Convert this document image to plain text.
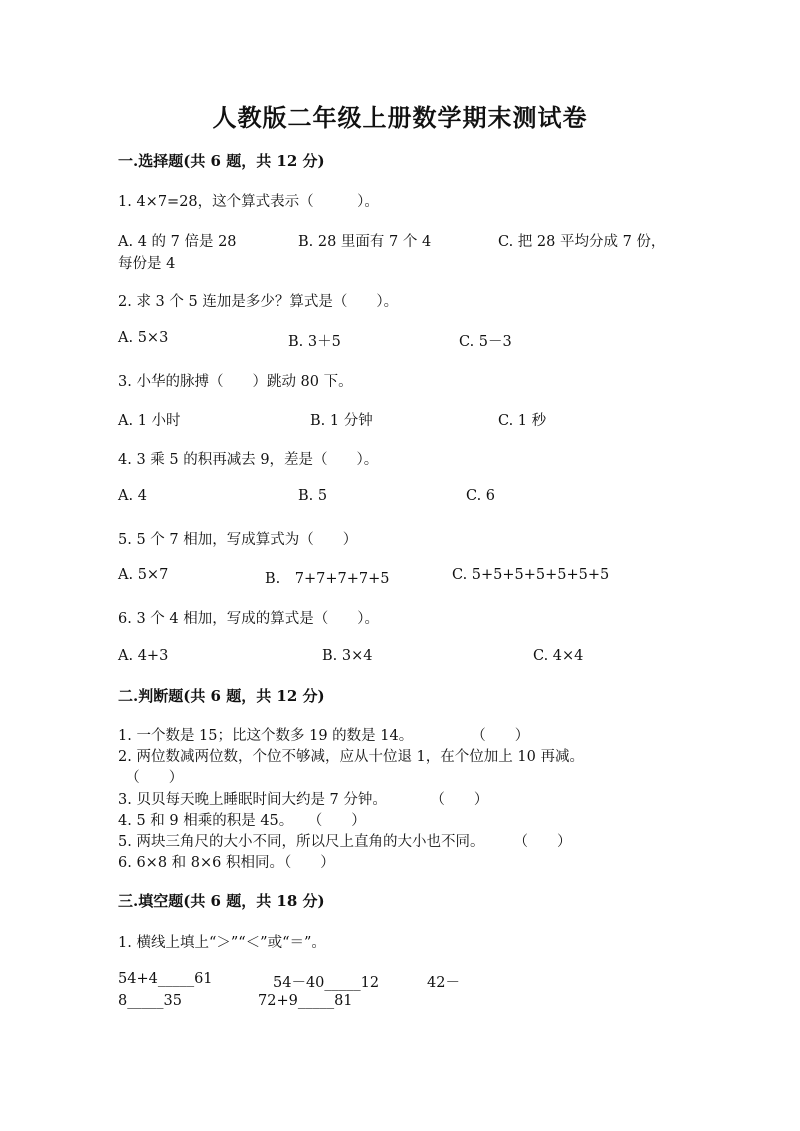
人教版二年级上册数学期末测试卷
一.选择题(共 6 题，共 12 分)
1. 4×7=28，这个算式表示（　　　）。
A. 4 的 7 倍是 28	B. 28 里面有 7 个 4	C. 把 28 平均分成 7 份，
每份是 4
2. 求 3 个 5 连加是多少？算式是（　　）。
A. 5×3	B. 3＋5	C. 5－3
3. 小华的脉搏（　　）跳动 80 下。
A. 1 小时	B. 1 分钟	C. 1 秒
4. 3 乘 5 的积再减去 9，差是（　　）。
A. 4	B. 5	C. 6
5. 5 个 7 相加，写成算式为（　　）
A. 5×7	B.　7+7+7+7+5	C. 5+5+5+5+5+5+5
6. 3 个 4 相加，写成的算式是（　　）。
A. 4+3	B. 3×4	C. 4×4
二.判断题(共 6 题，共 12 分)
1. 一个数是 15；比这个数多 19 的数是 14。　　　　　（　　）
2. 两位数减两位数，个位不够减，应从十位退 1，在个位加上 10 再减。
　（　　）
3. 贝贝每天晚上睡眠时间大约是 7 分钟。　　　　（　　）
4. 5 和 9 相乘的积是 45。　　（　　）
5. 两块三角尺的大小不同，所以尺上直角的大小也不同。　　　（　　）
6. 6×8 和 8×6 积相同。（　　）
三.填空题(共 6 题，共 18 分)
1. 横线上填上“＞”“＜”或“＝”。
54+4_____61	54－40_____12	42－
8_____35	72+9_____81
